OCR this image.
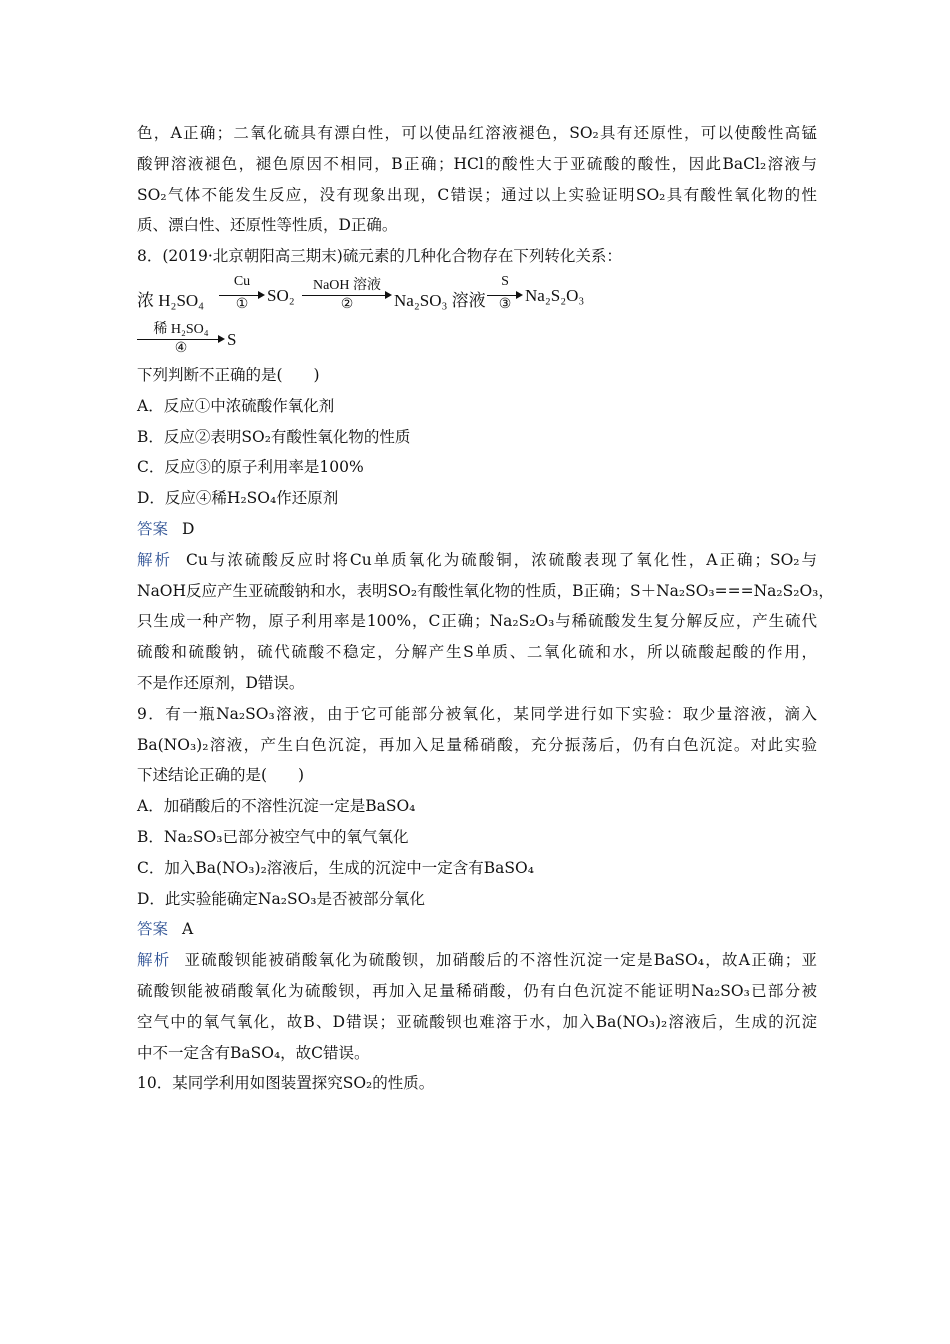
色，A正确；二氧化硫具有漂白性，可以使品红溶液褪色，SO₂具有还原性，可以使酸性高锰
酸钾溶液褪色，褪色原因不相同，B正确；HCl的酸性大于亚硫酸的酸性，因此BaCl₂溶液与
SO₂气体不能发生反应，没有现象出现，C错误；通过以上实验证明SO₂具有酸性氧化物的性
质、漂白性、还原性等性质，D正确。
8．(2019·北京朝阳高三期末)硫元素的几种化合物存在下列转化关系：
浓 H₂SO₄
Cu
①	SO₂
NaOH 溶液
②	Na₂SO₃ 溶液
S
③ Na₂S₂O₃
稀 H₂SO₄
④	S
下列判断不正确的是(　　)
A．反应①中浓硫酸作氧化剂
B．反应②表明SO₂有酸性氧化物的性质
C．反应③的原子利用率是100%
D．反应④稀H₂SO₄作还原剂
答案 D
解析 Cu与浓硫酸反应时将Cu单质氧化为硫酸铜，浓硫酸表现了氧化性，A正确；SO₂与
NaOH反应产生亚硫酸钠和水，表明SO₂有酸性氧化物的性质，B正确；S＋Na₂SO₃===Na₂S₂O₃，
只生成一种产物，原子利用率是100%，C正确；Na₂S₂O₃与稀硫酸发生复分解反应，产生硫代
硫酸和硫酸钠，硫代硫酸不稳定，分解产生S单质、二氧化硫和水，所以硫酸起酸的作用，
不是作还原剂，D错误。
9．有一瓶Na₂SO₃溶液，由于它可能部分被氧化，某同学进行如下实验：取少量溶液，滴入
Ba(NO₃)₂溶液，产生白色沉淀，再加入足量稀硝酸，充分振荡后，仍有白色沉淀。对此实验
下述结论正确的是(　　)
A．加硝酸后的不溶性沉淀一定是BaSO₄
B．Na₂SO₃已部分被空气中的氧气氧化
C．加入Ba(NO₃)₂溶液后，生成的沉淀中一定含有BaSO₄
D．此实验能确定Na₂SO₃是否被部分氧化
答案 A
解析 亚硫酸钡能被硝酸氧化为硫酸钡，加硝酸后的不溶性沉淀一定是BaSO₄，故A正确；亚
硫酸钡能被硝酸氧化为硫酸钡，再加入足量稀硝酸，仍有白色沉淀不能证明Na₂SO₃已部分被
空气中的氧气氧化，故B、D错误；亚硫酸钡也难溶于水，加入Ba(NO₃)₂溶液后，生成的沉淀
中不一定含有BaSO₄，故C错误。
10．某同学利用如图装置探究SO₂的性质。
